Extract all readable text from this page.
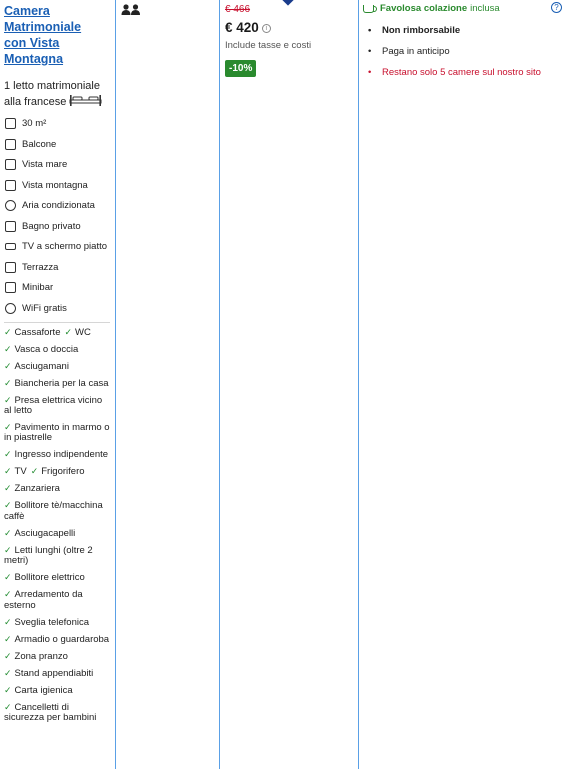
Camera Matrimoniale con Vista Montagna
1 letto matrimoniale alla francese
30 m²
Balcone
Vista mare
Vista montagna
Aria condizionata
Bagno privato
TV a schermo piatto
Terrazza
Minibar
WiFi gratis
✓ Cassaforte ✓ WC
✓ Vasca o doccia
✓ Asciugamani
✓ Biancheria per la casa
✓ Presa elettrica vicino al letto
✓ Pavimento in marmo o in piastrelle
✓ Ingresso indipendente
✓ TV ✓ Frigorifero
✓ Zanzariera
✓ Bollitore tè/macchina caffè
✓ Asciugacapelli
✓ Letti lunghi (oltre 2 metri)
✓ Bollitore elettrico
✓ Arredamento da esterno
✓ Sveglia telefonica
✓ Armadio o guardaroba
✓ Zona pranzo
✓ Stand appendiabiti
✓ Carta igienica
✓ Cancelletti di sicurezza per bambini
€ 466
€ 420 i
Include tasse e costi
-10%
Favolosa colazione inclusa	?
•	Non rimborsabile
•	Paga in anticipo
•	Restano solo 5 camere sul nostro sito
